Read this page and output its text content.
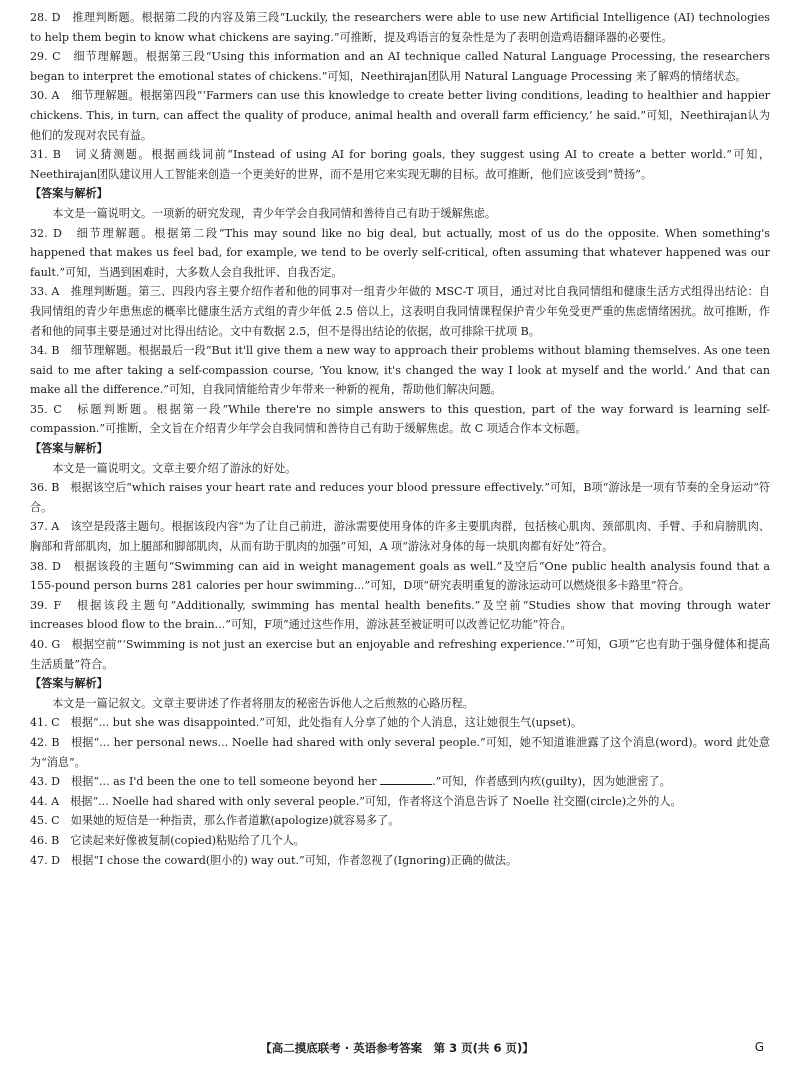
28. D　推理判断题。根据第二段的内容及第三段“Luckily, the researchers were able to use new Artificial Intelligence (AI) technologies to help them begin to know what chickens are saying.”可推断，提及鸡语言的复杂性是为了表明创造鸡语翻译器的必要性。
29. C　细节理解题。根据第三段“Using this information and an AI technique called Natural Language Processing, the researchers began to interpret the emotional states of chickens.”可知，Neethirajan团队用 Natural Language Processing 来了解鸡的情绪状态。
30. A　细节理解题。根据第四段“‘Farmers can use this knowledge to create better living conditions, leading to healthier and happier chickens. This, in turn, can affect the quality of produce, animal health and overall farm efficiency,’ he said.”可知，Neethirajan认为他们的发现对农民有益。
31. B　词义猜测题。根据画线词前“Instead of using AI for boring goals, they suggest using AI to create a better world.”可知，Neethirajan团队建议用人工智能来创造一个更美好的世界，而不是用它来实现无聊的目标。故可推断，他们应该受到“赞扬”。
【答案与解析】
本文是一篇说明文。一项新的研究发现，青少年学会自我同情和善待自己有助于缓解焦虑。
32. D　细节理解题。根据第二段“This may sound like no big deal, but actually, most of us do the opposite. When something's happened that makes us feel bad, for example, we tend to be overly self-critical, often assuming that whatever happened was our fault.”可知，当遇到困难时，大多数人会自我批评、自我否定。
33. A　推理判断题。第三、四段内容主要介绍作者和他的同事对一组青少年做的 MSC-T 项目，通过对比自我同情组和健康生活方式组得出结论：自我同情组的青少年患焦虑的概率比健康生活方式组的青少年低 2.5 倍以上，这表明自我同情课程保护青少年免受更严重的焦虑情绪困扰。故可推断，作者和他的同事主要是通过对比得出结论。文中有数据 2.5，但不是得出结论的依据，故可排除干扰项 B。
34. B　细节理解题。根据最后一段“But it'll give them a new way to approach their problems without blaming themselves. As one teen said to me after taking a self-compassion course, ‘You know, it's changed the way I look at myself and the world.’ And that can make all the difference.”可知，自我同情能给青少年带来一种新的视角，帮助他们解决问题。
35. C　标题判断题。根据第一段“While there're no simple answers to this question, part of the way forward is learning self-compassion.”可推断，全文旨在介绍青少年学会自我同情和善待自己有助于缓解焦虑。故 C 项适合作本文标题。
【答案与解析】
本文是一篇说明文。文章主要介绍了游泳的好处。
36. B　根据该空后“which raises your heart rate and reduces your blood pressure effectively.”可知，B项“游泳是一项有节奏的全身运动”符合。
37. A　该空是段落主题句。根据该段内容“为了让自己前进，游泳需要使用身体的许多主要肌肉群，包括核心肌肉、颈部肌肉、手臂、手和肩膀肌肉、胸部和背部肌肉，加上腿部和脚部肌肉，从而有助于肌肉的加强”可知，A 项“游泳对身体的每一块肌肉都有好处”符合。
38. D　根据该段的主题句“Swimming can aid in weight management goals as well.”及空后“One public health analysis found that a 155-pound person burns 281 calories per hour swimming...”可知，D项“研究表明重复的游泳运动可以燃烧很多卡路里”符合。
39. F　根据该段主题句“Additionally, swimming has mental health benefits.”及空前“Studies show that moving through water increases blood flow to the brain...”可知，F项“通过这些作用，游泳甚至被证明可以改善记忆功能”符合。
40. G　根据空前“‘Swimming is not just an exercise but an enjoyable and refreshing experience.’”可知，G项“它也有助于强身健体和提高生活质量”符合。
【答案与解析】
本文是一篇记叙文。文章主要讲述了作者将朋友的秘密告诉他人之后煎熬的心路历程。
41. C　根据“... but she was disappointed.”可知，此处指有人分享了她的个人消息，这让她很生气(upset)。
42. B　根据“... her personal news... Noelle had shared with only several people.”可知，她不知道谁泄露了这个消息(word)。word 此处意为“消息”。
43. D　根据“... as I'd been the one to tell someone beyond her	.”可知，作者感到内疚(guilty)，因为她泄密了。
44. A　根据“... Noelle had shared with only several people.”可知，作者将这个消息告诉了 Noelle 社交圈(circle)之外的人。
45. C　如果她的短信是一种指责，那么作者道歉(apologize)就容易多了。
46. B　它读起来好像被复制(copied)粘贴给了几个人。
47. D　根据“I chose the coward(胆小的) way out.”可知，作者忽视了(Ignoring)正确的做法。
【高二摸底联考 · 英语参考答案　第 3 页(共 6 页)】	G
